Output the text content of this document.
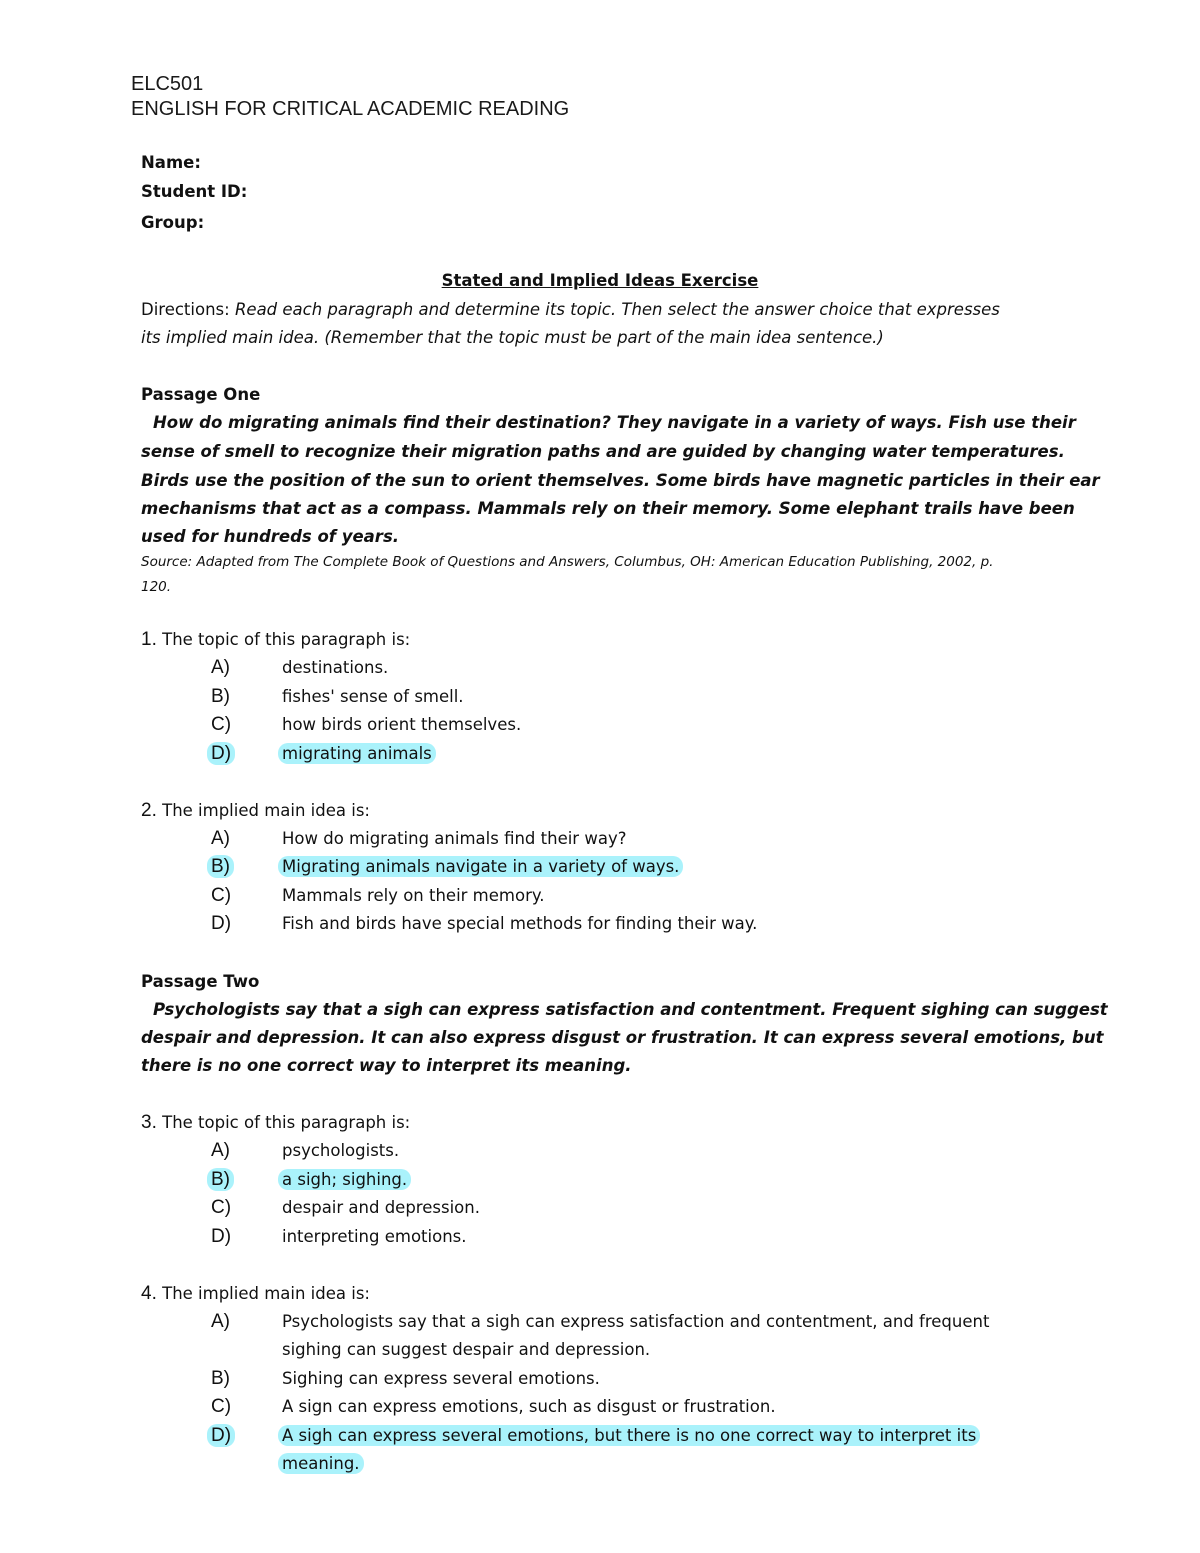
ELC501
ENGLISH FOR CRITICAL ACADEMIC READING
Name:
Student ID:
Group:
Stated and Implied Ideas Exercise
Directions: Read each paragraph and determine its topic. Then select the answer choice that expresses
its implied main idea. (Remember that the topic must be part of the main idea sentence.)
Passage One
How do migrating animals find their destination? They navigate in a variety of ways. Fish use their
sense of smell to recognize their migration paths and are guided by changing water temperatures.
Birds use the position of the sun to orient themselves. Some birds have magnetic particles in their ear
mechanisms that act as a compass. Mammals rely on their memory. Some elephant trails have been
used for hundreds of years.
Source: Adapted from The Complete Book of Questions and Answers, Columbus, OH: American Education Publishing, 2002, p.
120.
1. The topic of this paragraph is:
A)	destinations.
B)	fishes' sense of smell.
C)	how birds orient themselves.
D)	migrating animals
2. The implied main idea is:
A)	How do migrating animals find their way?
B)	Migrating animals navigate in a variety of ways.
C)	Mammals rely on their memory.
D)	Fish and birds have special methods for finding their way.
Passage Two
Psychologists say that a sigh can express satisfaction and contentment. Frequent sighing can suggest
despair and depression. It can also express disgust or frustration. It can express several emotions, but
there is no one correct way to interpret its meaning.
3. The topic of this paragraph is:
A)	psychologists.
B)	a sigh; sighing.
C)	despair and depression.
D)	interpreting emotions.
4. The implied main idea is:
A)	Psychologists say that a sigh can express satisfaction and contentment, and frequent
sighing can suggest despair and depression.
B)	Sighing can express several emotions.
C)	A sign can express emotions, such as disgust or frustration.
D)	A sigh can express several emotions, but there is no one correct way to interpret its
meaning.
